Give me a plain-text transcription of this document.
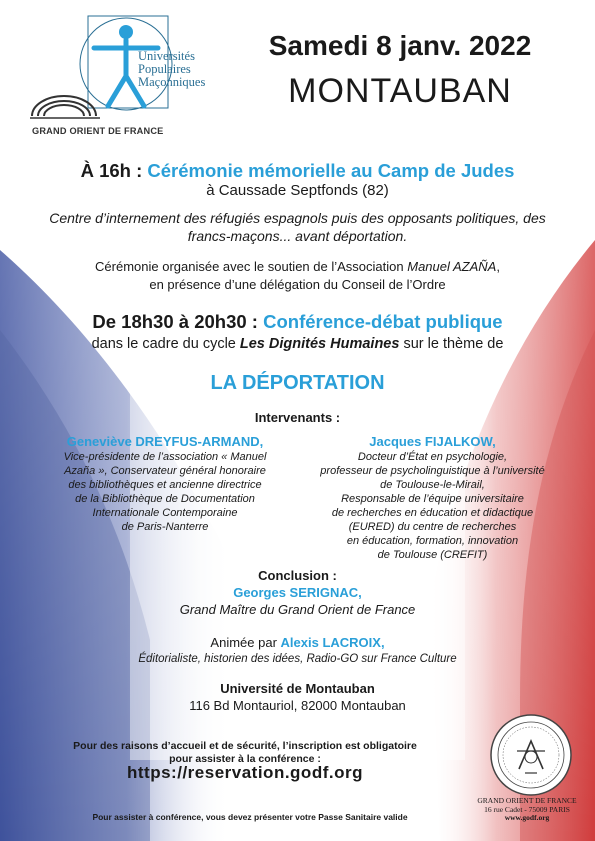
Universités
Populaires
Maçonniques
GRAND ORIENT DE FRANCE
Samedi 8 janv. 2022
MONTAUBAN
À 16h : Cérémonie mémorielle au Camp de Judes
à Caussade Septfonds (82)
Centre d’internement des réfugiés espagnols puis des opposants politiques, des francs-maçons... avant déportation.
Cérémonie organisée avec le soutien de l’Association Manuel AZAÑA,
en présence d’une délégation du Conseil de l’Ordre
De 18h30 à 20h30 : Conférence-débat publique
dans le cadre du cycle Les Dignités Humaines sur le thème de
LA DÉPORTATION
Intervenants :
Geneviève DREYFUS-ARMAND,
Vice-présidente de l’association « Manuel
Azaña », Conservateur général honoraire
des bibliothèques et ancienne directrice
de la Bibliothèque de Documentation
Internationale Contemporaine
de Paris-Nanterre
Jacques FIJALKOW,
Docteur d’État en psychologie,
professeur de psycholinguistique à l’université
de Toulouse-le-Mirail,
Responsable de l’équipe universitaire
de recherches en éducation et didactique
(EURED) du centre de recherches
en éducation, formation, innovation
de Toulouse (CREFIT)
Conclusion :
Georges SERIGNAC,
Grand Maître du Grand Orient de France
Animée par Alexis LACROIX,
Éditorialiste, historien des idées, Radio-GO sur France Culture
Université de Montauban
116 Bd Montauriol, 82000 Montauban
Pour des raisons d’accueil et de sécurité, l’inscription est obligatoire
pour assister à la conférence :
https://reservation.godf.org
Pour assister à conférence, vous devez présenter votre Passe Sanitaire valide
GRAND ORIENT DE FRANCE
16 rue Cadet - 75009 PARIS
www.godf.org
